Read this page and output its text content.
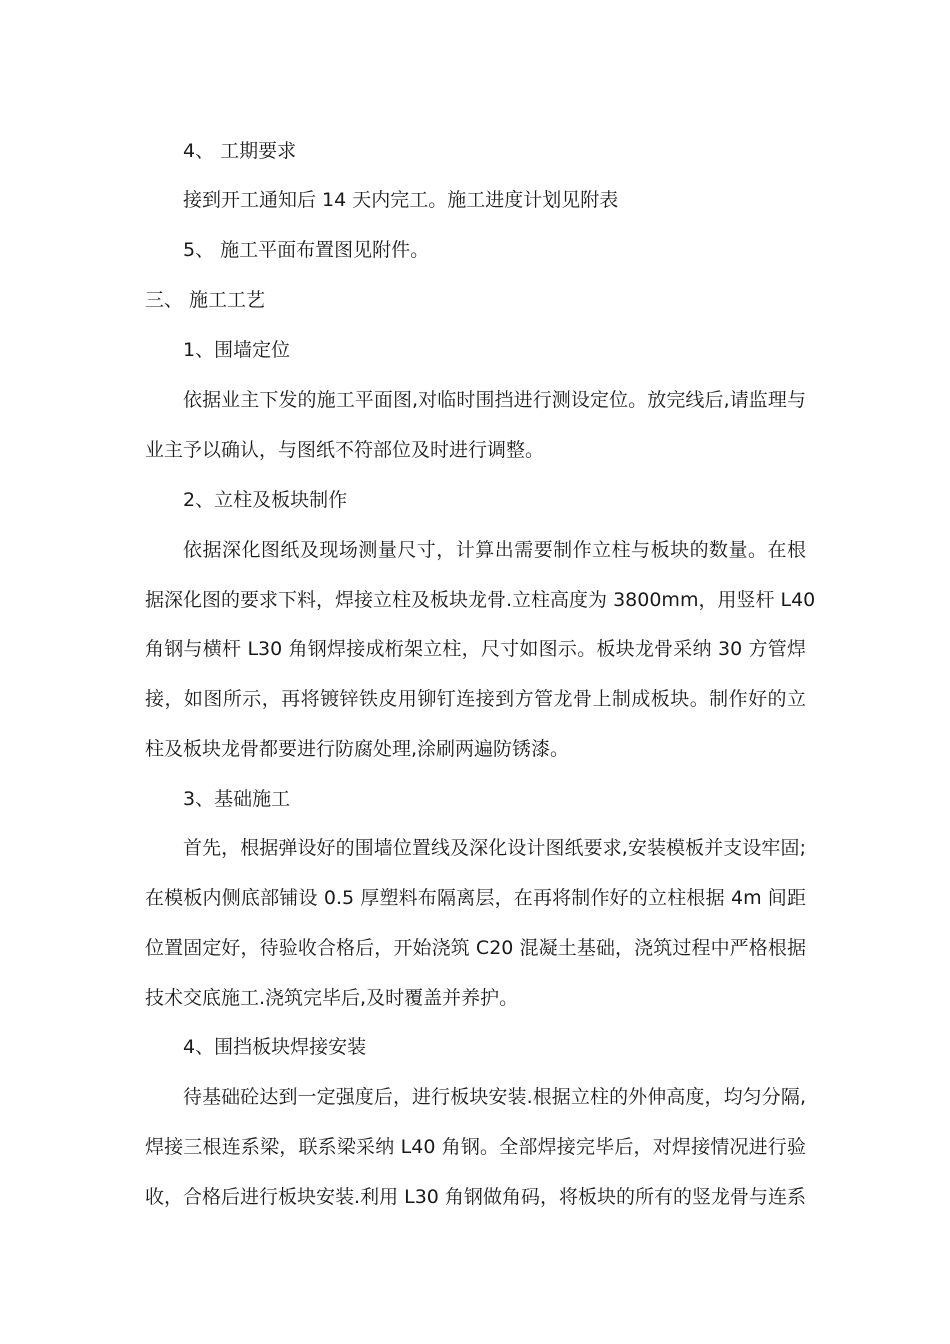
4、 工期要求
接到开工通知后 14 天内完工。施工进度计划见附表
5、 施工平面布置图见附件。
三、 施工工艺
1、围墙定位
依据业主下发的施工平面图,对临时围挡进行测设定位。放完线后,请监理与
业主予以确认，与图纸不符部位及时进行调整。
2、立柱及板块制作
依据深化图纸及现场测量尺寸，计算出需要制作立柱与板块的数量。在根
据深化图的要求下料，焊接立柱及板块龙骨.立柱高度为 3800mm，用竖杆 L40
角钢与横杆 L30 角钢焊接成桁架立柱，尺寸如图示。板块龙骨采纳 30 方管焊
接，如图所示，再将镀锌铁皮用铆钉连接到方管龙骨上制成板块。制作好的立
柱及板块龙骨都要进行防腐处理,涂刷两遍防锈漆。
3、基础施工
首先，根据弹设好的围墙位置线及深化设计图纸要求,安装模板并支设牢固;
在模板内侧底部铺设 0.5 厚塑料布隔离层，在再将制作好的立柱根据 4m 间距
位置固定好，待验收合格后，开始浇筑 C20 混凝土基础，浇筑过程中严格根据
技术交底施工.浇筑完毕后,及时覆盖并养护。
4、围挡板块焊接安装
待基础砼达到一定强度后，进行板块安装.根据立柱的外伸高度，均匀分隔,
焊接三根连系梁，联系梁采纳 L40 角钢。全部焊接完毕后，对焊接情况进行验
收，合格后进行板块安装.利用 L30 角钢做角码，将板块的所有的竖龙骨与连系
